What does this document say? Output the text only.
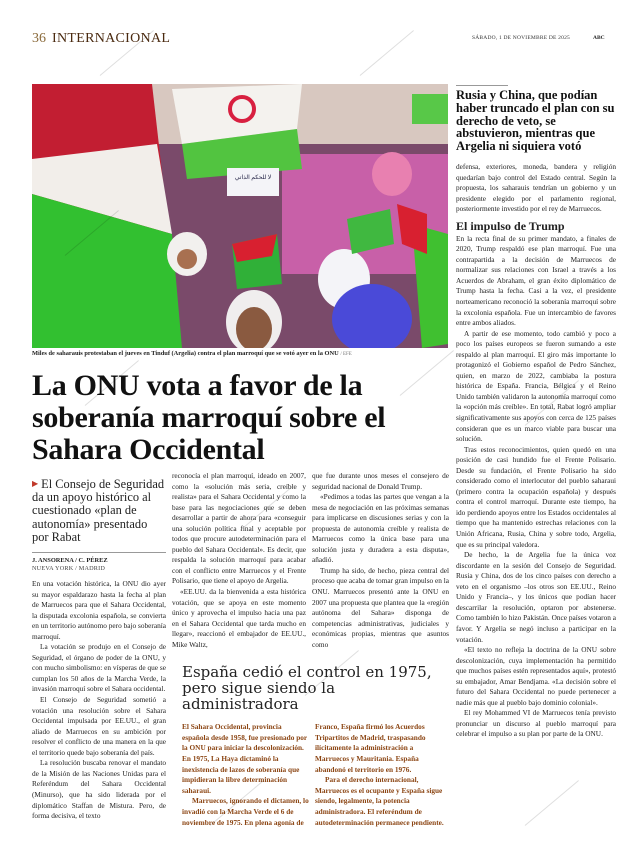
36 INTERNACIONAL	SÁBADO, 1 DE NOVIEMBRE DE 2025	ABC
لا للحكم الذاتي
Miles de saharauis protestaban el jueves en Tinduf (Argelia) contra el plan marroquí que se votó ayer en la ONU / EFE
La ONU vota a favor de la soberanía marroquí sobre el Sahara Occidental
▶ El Consejo de Seguridad da un apoyo histórico al cuestionado «plan de autonomía» presentado por Rabat
J. ANSORENA / C. PÉREZ
NUEVA YORK / MADRID

En una votación histórica, la ONU dio ayer su mayor espaldarazo hasta la fecha al plan de Marruecos para que el Sahara Occidental, la disputada excolonia española, se convierta en un territorio autónomo pero bajo soberanía marroquí.

La votación se produjo en el Consejo de Seguridad, el órgano de poder de la ONU, y con mucho simbolismo: en vísperas de que se cumplan los 50 años de la Marcha Verde, la invasión marroquí sobre el Sahara occidental.

El Consejo de Seguridad sometió a votación una resolución sobre el Sahara Occidental impulsada por EE.UU., el gran aliado de Marruecos en su ambición por resolver el conflicto de una manera en la que el territorio quede bajo soberanía del país.

La resolución buscaba renovar el mandato de la Misión de las Naciones Unidas para el Referéndum del Sahara Occidental (Minurso), que ha sido liderada por el diplomático Staffan de Mistura. Pero, de forma decisiva, el texto

reconocía el plan marroquí, ideado en 2007, como la «solución más seria, creíble y realista» para el Sahara Occidental y como la base para las negociaciones que se deben desarrollar a partir de ahora para «conseguir una solución política final y aceptable por todos que procure autodeterminación para el pueblo del Sahara Occidental». Es decir, que respalda la solución marroquí para acabar con el conflicto entre Marruecos y el Frente Polisario, que tiene el apoyo de Argelia.

«EE.UU. da la bienvenida a esta histórica votación, que se apoya en este momento único y aprovecha el impulso hacia una paz en el Sahara Occidental que tarda mucho en llegar», reaccionó el embajador de EE.UU., Mike Waltz,

que fue durante unos meses el consejero de seguridad nacional de Donald Trump.

«Pedimos a todas las partes que vengan a la mesa de negociación en las próximas semanas para implicarse en discusiones serias y con la propuesta de autonomía creíble y realista de Marruecos como la única base para una solución justa y duradera a esta disputa», añadió.

Trump ha sido, de hecho, pieza central del proceso que acaba de tomar gran impulso en la ONU. Marruecos presentó ante la ONU en 2007 una propuesta que plantea que la «región autónoma del Sahara» disponga de competencias administrativas, judiciales y económicas propias, mientras que asuntos como

España cedió el control en 1975, pero sigue siendo la administradora

El Sahara Occidental, provincia española desde 1958, fue presionado por la ONU para iniciar la descolonización. En 1975, La Haya dictaminó la inexistencia de lazos de soberanía que impidieran la libre determinación saharaui.

Marruecos, ignorando el dictamen, lo invadió con la Marcha Verde el 6 de noviembre de 1975. En plena agonía de

Franco, España firmó los Acuerdos Tripartitos de Madrid, traspasando ilícitamente la administración a Marruecos y Mauritania. España abandonó el territorio en 1976.

Para el derecho internacional, Marruecos es el ocupante y España sigue siendo, legalmente, la potencia administradora. El referéndum de autodeterminación permanece pendiente.

Rusia y China, que podían haber truncado el plan con su derecho de veto, se abstuvieron, mientras que Argelia ni siquiera votó

defensa, exteriores, moneda, bandera y religión quedarían bajo control del Estado central. Según la propuesta, los saharauis tendrían un gobierno y un presidente elegido por el parlamento regional, posteriormente investido por el rey de Marruecos.

El impulso de Trump

En la recta final de su primer mandato, a finales de 2020, Trump respaldó ese plan marroquí. Fue una contrapartida a la decisión de Marruecos de normalizar sus relaciones con Israel a través a los Acuerdos de Abraham, el gran éxito diplomático de Trump hasta la fecha. Casi a la vez, el presidente norteamericano reconoció la soberanía marroquí sobre la excolonia española. Fue un intercambio de favores entre ambos aliados.

A partir de ese momento, todo cambió y poco a poco los países europeos se fueron sumando a este respaldo al plan marroquí. El giro más importante lo protagonizó el Gobierno español de Pedro Sánchez, quien, en marzo de 2022, cambiaba la postura histórica de España. Francia, Bélgica y el Reino Unido también validaron la autonomía marroquí como la «opción más creíble». En total, Rabat logró ampliar significativamente sus apoyos con cerca de 125 países consideran que es un marco viable para buscar una solución.

Tras estos reconocimientos, quien quedó en una posición de casi hundido fue el Frente Polisario. Desde su fundación, el Frente Polisario ha sido considerado como el interlocutor del pueblo saharaui (primero contra la ocupación española) y después contra el control marroquí. Durante este tiempo, ha ido perdiendo apoyos entre los Estados occidentales al tiempo que ha mantenido estrechas relaciones con la Unión Africana, Rusia, China y sobre todo, Argelia, que es su principal valedora.

De hecho, la de Argelia fue la única voz discordante en la sesión del Consejo de Seguridad. Rusia y China, dos de los cinco países con derecho a veto en el organismo –los otros son EE.UU., Reino Unido y Francia–, y los únicos que podían hacer descarrilar la resolución, optaron por abstenerse. Como también lo hizo Pakistán. Once países votaron a favor. Y Argelia se negó incluso a participar en la votación.

«El texto no refleja la doctrina de la ONU sobre descolonización, cuya implementación ha permitido que muchos países estén representados aquí», protestó su embajador, Amar Bendjama. «La decisión sobre el futuro del Sahara Occidental no puede pertenecer a nadie más que al pueblo bajo dominio colonial».

El rey Mohammed VI de Marruecos tenía previsto pronunciar un discurso al pueblo marroquí para celebrar el impulso a su plan por parte de la ONU.
